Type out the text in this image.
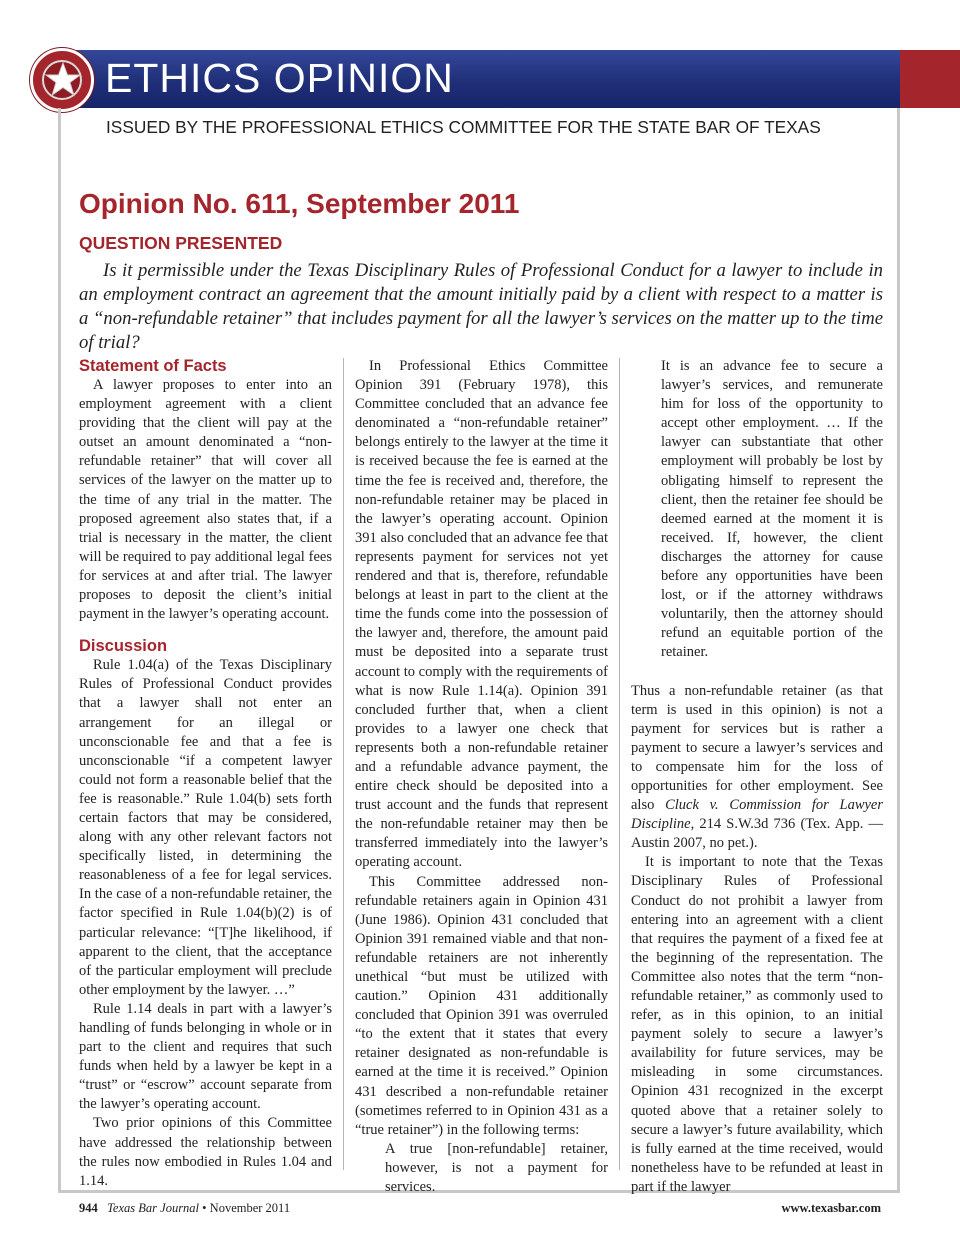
ETHICS OPINION
ISSUED BY THE PROFESSIONAL ETHICS COMMITTEE FOR THE STATE BAR OF TEXAS
Opinion No. 611, September 2011
QUESTION PRESENTED

Is it permissible under the Texas Disciplinary Rules of Professional Conduct for a lawyer to include in an employment contract an agreement that the amount initially paid by a client with respect to a matter is a “non-refundable retainer” that includes payment for all the lawyer’s services on the matter up to the time of trial?

Statement of Facts

A lawyer proposes to enter into an employment agreement with a client providing that the client will pay at the outset an amount denominated a “non-refundable retainer” that will cover all services of the lawyer on the matter up to the time of any trial in the matter. The proposed agreement also states that, if a trial is necessary in the matter, the client will be required to pay additional legal fees for services at and after trial. The lawyer proposes to deposit the client’s initial payment in the lawyer’s operating account.

Discussion

Rule 1.04(a) of the Texas Disciplinary Rules of Professional Conduct provides that a lawyer shall not enter an arrangement for an illegal or unconscionable fee and that a fee is unconscionable “if a competent lawyer could not form a reasonable belief that the fee is reasonable.” Rule 1.04(b) sets forth certain factors that may be considered, along with any other relevant factors not specifically listed, in determining the reasonableness of a fee for legal services. In the case of a non-refundable retainer, the factor specified in Rule 1.04(b)(2) is of particular relevance: “[T]he likelihood, if apparent to the client, that the acceptance of the particular employment will preclude other employment by the lawyer. …”

Rule 1.14 deals in part with a lawyer’s handling of funds belonging in whole or in part to the client and requires that such funds when held by a lawyer be kept in a “trust” or “escrow” account separate from the lawyer’s operating account.

Two prior opinions of this Committee have addressed the relationship between the rules now embodied in Rules 1.04 and 1.14.

In Professional Ethics Committee Opinion 391 (February 1978), this Committee concluded that an advance fee denominated a “non-refundable retainer” belongs entirely to the lawyer at the time it is received because the fee is earned at the time the fee is received and, therefore, the non-refundable retainer may be placed in the lawyer’s operating account. Opinion 391 also concluded that an advance fee that represents payment for services not yet rendered and that is, therefore, refundable belongs at least in part to the client at the time the funds come into the possession of the lawyer and, therefore, the amount paid must be deposited into a separate trust account to comply with the requirements of what is now Rule 1.14(a). Opinion 391 concluded further that, when a client provides to a lawyer one check that represents both a non-refundable retainer and a refundable advance payment, the entire check should be deposited into a trust account and the funds that represent the non-refundable retainer may then be transferred immediately into the lawyer’s operating account.

This Committee addressed non-refundable retainers again in Opinion 431 (June 1986). Opinion 431 concluded that Opinion 391 remained viable and that non-refundable retainers are not inherently unethical “but must be utilized with caution.” Opinion 431 additionally concluded that Opinion 391 was overruled “to the extent that it states that every retainer designated as non-refundable is earned at the time it is received.” Opinion 431 described a non-refundable retainer (sometimes referred to in Opinion 431 as a “true retainer”) in the following terms:

A true [non-refundable] retainer, however, is not a payment for services.

It is an advance fee to secure a lawyer’s services, and remunerate him for loss of the opportunity to accept other employment. … If the lawyer can substantiate that other employment will probably be lost by obligating himself to represent the client, then the retainer fee should be deemed earned at the moment it is received. If, however, the client discharges the attorney for cause before any opportunities have been lost, or if the attorney withdraws voluntarily, then the attorney should refund an equitable portion of the retainer.

Thus a non-refundable retainer (as that term is used in this opinion) is not a payment for services but is rather a payment to secure a lawyer’s services and to compensate him for the loss of opportunities for other employment. See also Cluck v. Commission for Lawyer Discipline, 214 S.W.3d 736 (Tex. App. — Austin 2007, no pet.).

It is important to note that the Texas Disciplinary Rules of Professional Conduct do not prohibit a lawyer from entering into an agreement with a client that requires the payment of a fixed fee at the beginning of the representation. The Committee also notes that the term “non-refundable retainer,” as commonly used to refer, as in this opinion, to an initial payment solely to secure a lawyer’s availability for future services, may be misleading in some circumstances. Opinion 431 recognized in the excerpt quoted above that a retainer solely to secure a lawyer’s future availability, which is fully earned at the time received, would nonetheless have to be refunded at least in part if the lawyer

944 Texas Bar Journal • November 2011	www.texasbar.com
